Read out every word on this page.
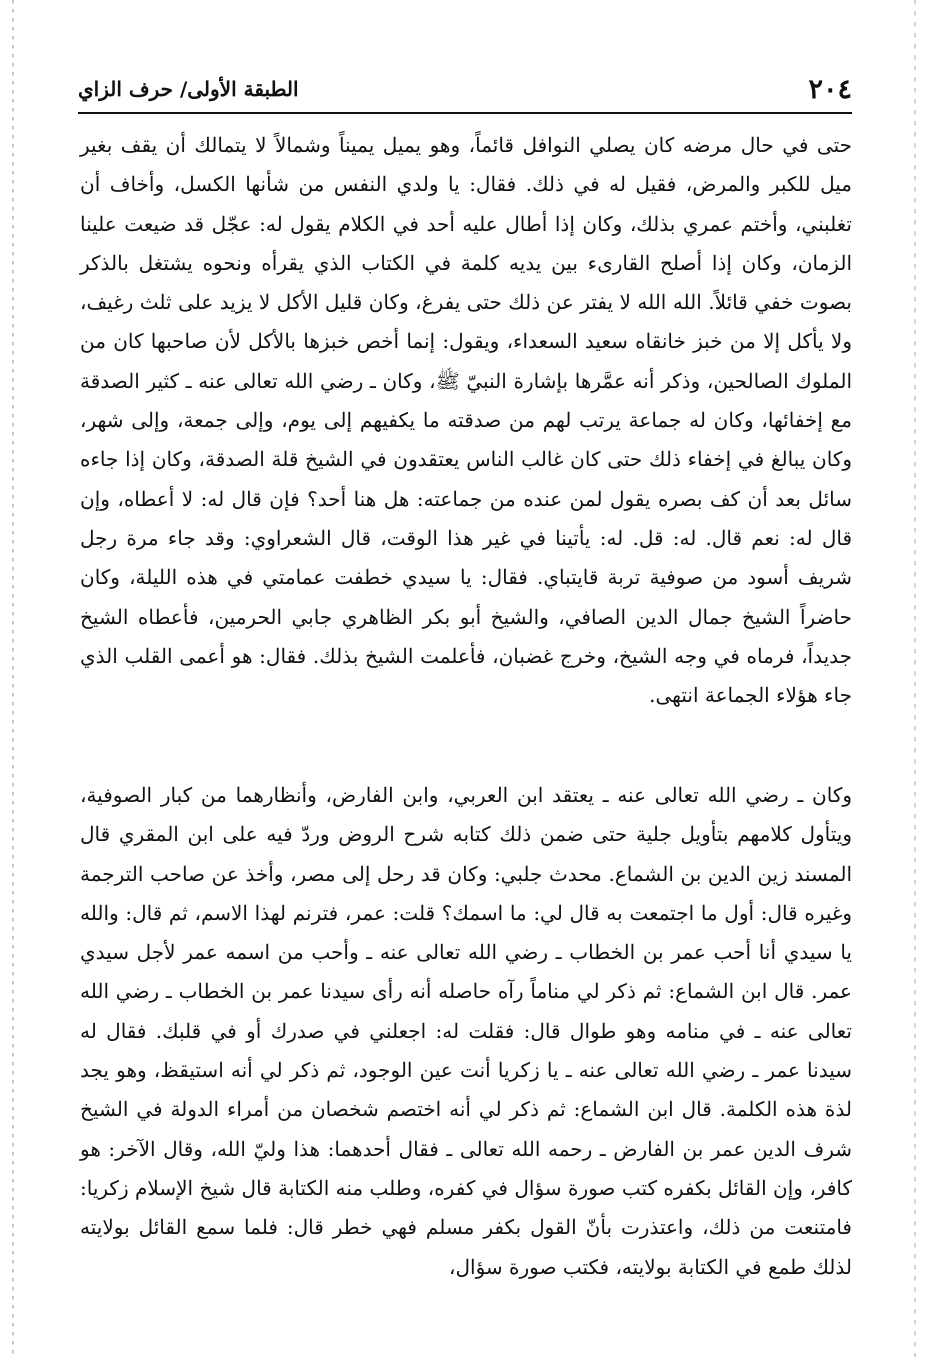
٢٠٤
الطبقة الأولى/ حرف الزاي

حتى في حال مرضه كان يصلي النوافل قائماً، وهو يميل يميناً وشمالاً لا يتمالك أن يقف بغير ميل للكبر والمرض، فقيل له في ذلك. فقال: يا ولدي النفس من شأنها الكسل، وأخاف أن تغلبني، وأختم عمري بذلك، وكان إذا أطال عليه أحد في الكلام يقول له: عجّل قد ضيعت علينا الزمان، وكان إذا أصلح القارىء بين يديه كلمة في الكتاب الذي يقرأه ونحوه يشتغل بالذكر بصوت خفي قائلاً. الله الله لا يفتر عن ذلك حتى يفرغ، وكان قليل الأكل لا يزيد على ثلث رغيف، ولا يأكل إلا من خبز خانقاه سعيد السعداء، ويقول: إنما أخص خبزها بالأكل لأن صاحبها كان من الملوك الصالحين، وذكر أنه عمَّرها بإشارة النبيّ ﷺ، وكان ـ رضي الله تعالى عنه ـ كثير الصدقة مع إخفائها، وكان له جماعة يرتب لهم من صدقته ما يكفيهم إلى يوم، وإلى جمعة، وإلى شهر، وكان يبالغ في إخفاء ذلك حتى كان غالب الناس يعتقدون في الشيخ قلة الصدقة، وكان إذا جاءه سائل بعد أن كف بصره يقول لمن عنده من جماعته: هل هنا أحد؟ فإن قال له: لا أعطاه، وإن قال له: نعم قال. له: قل. له: يأتينا في غير هذا الوقت، قال الشعراوي: وقد جاء مرة رجل شريف أسود من صوفية تربة قايتباي. فقال: يا سيدي خطفت عمامتي في هذه الليلة، وكان حاضراً الشيخ جمال الدين الصافي، والشيخ أبو بكر الظاهري جابي الحرمين، فأعطاه الشيخ جديداً، فرماه في وجه الشيخ، وخرج غضبان، فأعلمت الشيخ بذلك. فقال: هو أعمى القلب الذي جاء هؤلاء الجماعة انتهى.

وكان ـ رضي الله تعالى عنه ـ يعتقد ابن العربي، وابن الفارض، وأنظارهما من كبار الصوفية، ويتأول كلامهم بتأويل جلية حتى ضمن ذلك كتابه شرح الروض وردّ فيه على ابن المقري قال المسند زين الدين بن الشماع. محدث جلبي: وكان قد رحل إلى مصر، وأخذ عن صاحب الترجمة وغيره قال: أول ما اجتمعت به قال لي: ما اسمك؟ قلت: عمر، فترنم لهذا الاسم، ثم قال: والله يا سيدي أنا أحب عمر بن الخطاب ـ رضي الله تعالى عنه ـ وأحب من اسمه عمر لأجل سيدي عمر. قال ابن الشماع: ثم ذكر لي مناماً رآه حاصله أنه رأى سيدنا عمر بن الخطاب ـ رضي الله تعالى عنه ـ في منامه وهو طوال قال: فقلت له: اجعلني في صدرك أو في قلبك. فقال له سيدنا عمر ـ رضي الله تعالى عنه ـ يا زكريا أنت عين الوجود، ثم ذكر لي أنه استيقظ، وهو يجد لذة هذه الكلمة. قال ابن الشماع: ثم ذكر لي أنه اختصم شخصان من أمراء الدولة في الشيخ شرف الدين عمر بن الفارض ـ رحمه الله تعالى ـ فقال أحدهما: هذا وليّ الله، وقال الآخر: هو كافر، وإن القائل بكفره كتب صورة سؤال في كفره، وطلب منه الكتابة قال شيخ الإسلام زكريا: فامتنعت من ذلك، واعتذرت بأنّ القول بكفر مسلم فهي خطر قال: فلما سمع القائل بولايته لذلك طمع في الكتابة بولايته، فكتب صورة سؤال،
